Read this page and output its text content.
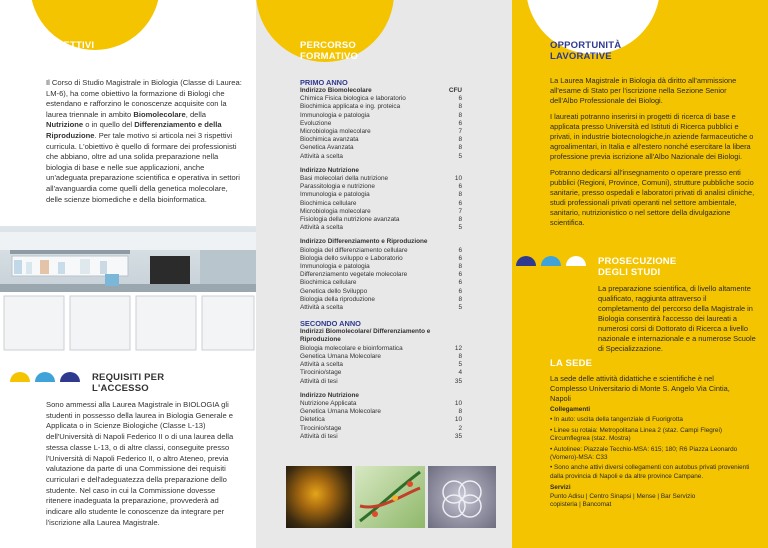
OBIETTIVI
FORMATIVI
Il Corso di Studio Magistrale in Biologia (Classe di Laurea: LM-6), ha come obiettivo la formazione di Biologi che estendano e rafforzino le conoscenze acquisite con la laurea triennale in ambito Biomolecolare, della Nutrizione o in quello del Differenziamento e della Riproduzione. Per tale motivo si articola nei 3 rispettivi curricula. L'obiettivo è quello di formare dei professionisti che abbiano, oltre ad una solida preparazione nella biologia di base e nelle sue applicazioni, anche un'adeguata preparazione scientifica e operativa in settori all'avanguardia come quelli della genetica molecolare, delle scienze biomediche e della bioinformatica.
REQUISITI PER
L'ACCESSO
Sono ammessi alla Laurea Magistrale in BIOLOGIA gli studenti in possesso della laurea in Biologia Generale e Applicata o in Scienze Biologiche (Classe L-13) dell'Università di Napoli Federico II o di una laurea della stessa classe L-13, o di altre classi, conseguite presso l'Università di Napoli Federico II, o altro Ateneo, previa valutazione da parte di una Commissione dei requisiti curriculari e dell'adeguatezza della preparazione dello studente. Nel caso in cui la Commissione dovesse ritenere inadeguata la preparazione, provvederà ad indicare allo studente le conoscenze da integrare per l'iscrizione alla Laurea Magistrale.
PERCORSO
FORMATIVO
PRIMO ANNO
Indirizzo Biomolecolare	CFU
Chimica Fisica biologica e laboratorio	6
Biochimica applicata e ing. proteica	8
Immunologia e patologia	8
Evoluzione	6
Microbiologia molecolare	7
Biochimica avanzata	8
Genetica Avanzata	8
Attività a scelta	5
Indirizzo Nutrizione
Basi molecolari della nutrizione	10
Parassitologia e nutrizione	6
Immunologia e patologia	8
Biochimica cellulare	6
Microbiologia molecolare	7
Fisiologia della nutrizione avanzata	8
Attività a scelta	5
Indirizzo Differenziamento e Riproduzione
Biologia del differenziamento cellulare	6
Biologia dello sviluppo e Laboratorio	6
Immunologia e patologia	8
Differenziamento vegetale molecolare	6
Biochimica cellulare	6
Genetica dello Sviluppo	6
Biologia della riproduzione	8
Attività a scelta	5
SECONDO ANNO
Indirizzi Biomolecolare/ Differenziamento e Riproduzione
Biologia molecolare e bioinformatica	12
Genetica Umana Molecolare	8
Attività a scelta	5
Tirocinio/stage	4
Attività di tesi	35
Indirizzo Nutrizione
Nutrizione Applicata	10
Genetica Umana Molecolare	8
Dietetica	10
Tirocinio/stage	2
Attività di tesi	35
OPPORTUNITÀ
LAVORATIVE

La Laurea Magistrale in Biologia dà diritto all'ammissione all'esame di Stato per l'iscrizione nella Sezione Senior dell'Albo Professionale dei Biologi.

I laureati potranno inserirsi in progetti di ricerca di base e applicata presso Università ed Istituti di Ricerca pubblici e privati, in industrie biotecnologiche,in aziende farmaceutiche o agroalimentari, in Italia e all'estero nonché esercitare la libera professione previa iscrizione all'Albo Nazionale dei Biologi.

Potranno dedicarsi all'insegnamento o operare presso enti pubblici (Regioni, Province, Comuni), strutture pubbliche socio sanitarie, presso ospedali e laboratori privati di analisi cliniche, studi professionali privati operanti nel settore ambientale, sanitario, nutrizionistico o nel settore della divulgazione scientifica.

PROSECUZIONE
DEGLI STUDI
La preparazione scientifica, di livello altamente qualificato, raggiunta attraverso il completamento del percorso della Magistrale in Biologia consentirà l'accesso dei laureati a numerosi corsi di Dottorato di Ricerca a livello nazionale e internazionale e a numerose Scuole di Specializzazione.
LA SEDE
La sede delle attività didattiche e scientifiche è nel Complesso Universitario di Monte S. Angelo Via Cintia, Napoli
Collegamenti
• In auto: uscita della tangenziale di Fuorigrotta
• Linee su rotaia: Metropolitana Linea 2 (staz. Campi Flegrei) Circumflegrea (staz. Mostra)
• Autolinee: Piazzale Tecchio-MSA: 615; 180; R6 Piazza Leonardo (Vomero)-MSA: C33
• Sono anche attivi diversi collegamenti con autobus privati provenienti dalla provincia di Napoli e da altre province Campane.
Servizi
Punto Adisu | Centro Sinapsi | Mense | Bar Servizio copisteria | Bancomat
